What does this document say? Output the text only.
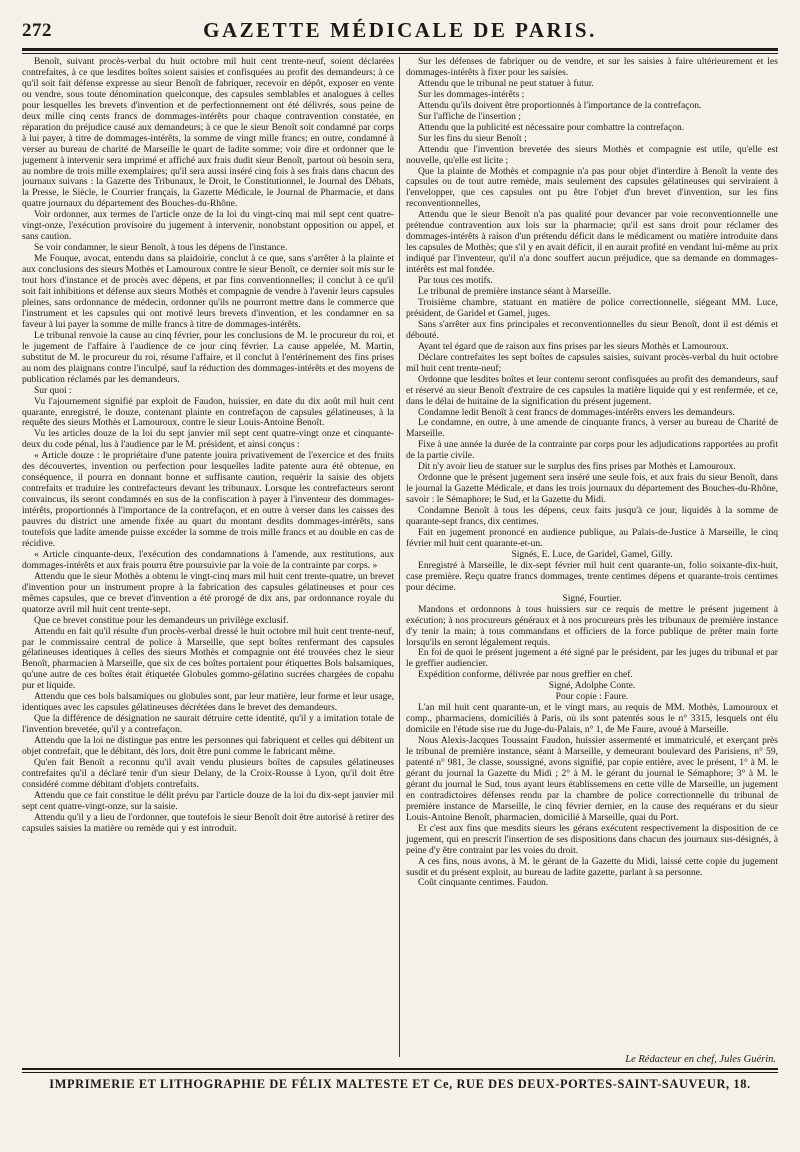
272	GAZETTE MÉDICALE DE PARIS.

Benoît, suivant procès-verbal du huit octobre mil huit cent trente-neuf, soient déclarées contrefaites, à ce que lesdites boîtes soient saisies et confisquées au profit des demandeurs; à ce qu'il soit fait défense expresse au sieur Benoît de fabriquer, recevoir en dépôt, exposer en vente ou vendre, sous toute dénomination quelconque, des capsules semblables et analogues à celles pour lesquelles les brevets d'invention et de perfectionnement ont été délivrés, sous peine de deux mille cinq cents francs de dommages-intérêts pour chaque contravention constatée, en réparation du préjudice causé aux demandeurs; à ce que le sieur Benoît soit condamné par corps à lui payer, à titre de dommages-intérêts, la somme de vingt mille francs; en outre, condamné à verser au bureau de charité de Marseille le quart de ladite somme; voir dire et ordonner que le jugement à intervenir sera imprimé et affiché aux frais dudit sieur Benoît, partout où besoin sera, au nombre de trois mille exemplaires; qu'il sera aussi inséré cinq fois à ses frais dans chacun des journaux suivans : la Gazette des Tribunaux, le Droit, le Constitutionnel, le Journal des Débats, la Presse, le Siècle, le Courrier français, la Gazette Médicale, le Journal de Pharmacie, et dans quatre journaux du département des Bouches-du-Rhône.

Voir ordonner, aux termes de l'article onze de la loi du vingt-cinq mai mil sept cent quatre-vingt-onze, l'exécution provisoire du jugement à intervenir, nonobstant opposition ou appel, et sans caution.

Se voir condamner, le sieur Benoît, à tous les dépens de l'instance.

Me Fouque, avocat, entendu dans sa plaidoirie, conclut à ce que, sans s'arrêter à la plainte et aux conclusions des sieurs Mothès et Lamouroux contre le sieur Benoît, ce dernier soit mis sur le tout hors d'instance et de procès avec dépens, et par fins conventionnelles; il conclut à ce qu'il soit fait inhibitions et défense aux sieurs Mothès et compagnie de vendre à l'avenir leurs capsules pleines, sans ordonnance de médecin, ordonner qu'ils ne pourront mettre dans le commerce que l'instrument et les capsules qui ont motivé leurs brevets d'invention, et les condamner en sa faveur à lui payer la somme de mille francs à titre de dommages-intérêts.

Le tribunal renvoie la cause au cinq février, pour les conclusions de M. le procureur du roi, et le jugement de l'affaire à l'audience de ce jour cinq février. La cause appelée, M. Martin, substitut de M. le procureur du roi, résume l'affaire, et il conclut à l'entérinement des fins prises au nom des plaignans contre l'inculpé, sauf la réduction des dommages-intérêts et des moyens de publication réclamés par les demandeurs.

Sur quoi :

Vu l'ajournement signifié par exploit de Faudon, huissier, en date du dix août mil huit cent quarante, enregistré, le douze, contenant plainte en contrefaçon de capsules gélatineuses, à la requête des sieurs Mothès et Lamouroux, contre le sieur Louis-Antoine Benoît.

Vu les articles douze de la loi du sept janvier mil sept cent quatre-vingt onze et cinquante-deux du code pénal, lus à l'audience par le M. président, et ainsi conçus :

« Article douze : le propriétaire d'une patente jouira privativement de l'exercice et des fruits des découvertes, invention ou perfection pour lesquelles ladite patente aura été obtenue, en conséquence, il pourra en donnant bonne et suffisante caution, requérir la saisie des objets contrefaits et traduire les contrefacteurs devant les tribunaux. Lorsque les contrefacteurs seront convaincus, ils seront condamnés en sus de la confiscation à payer à l'inventeur des dommages-intérêts, proportionnés à l'importance de la contrefaçon, et en outre à verser dans les caisses des pauvres du district une amende fixée au quart du montant desdits dommages-intérêts, sans toutefois que ladite amende puisse excéder la somme de trois mille francs et au double en cas de récidive.

« Article cinquante-deux, l'exécution des condamnations à l'amende, aux restitutions, aux dommages-intérêts et aux frais pourra être poursuivie par la voie de la contrainte par corps. »

Attendu que le sieur Mothès a obtenu le vingt-cinq mars mil huit cent trente-quatre, un brevet d'invention pour un instrument propre à la fabrication des capsules gélatineuses et pour ces mêmes capsules, que ce brevet d'invention a été prorogé de dix ans, par ordonnance royale du quatorze avril mil huit cent trente-sept.

Que ce brevet constitue pour les demandeurs un privilège exclusif.

Attendu en fait qu'il résulte d'un procès-verbal dressé le huit octobre mil huit cent trente-neuf, par le commissaire central de police à Marseille, que sept boîtes renfermant des capsules gélatineuses identiques à celles des sieurs Mothès et compagnie ont été trouvées chez le sieur Benoît, pharmacien à Marseille, que six de ces boîtes portaient pour étiquettes Bols balsamiques, qu'une autre de ces boîtes était étiquetée Globules gommo-gélatino sucrées chargées de copahu pur et liquide.

Attendu que ces bols balsamiques ou globules sont, par leur matière, leur forme et leur usage, identiques avec les capsules gélatineuses décrétées dans le brevet des demandeurs.

Que la différence de désignation ne saurait détruire cette identité, qu'il y a imitation totale de l'invention brevetée, qu'il y a contrefaçon.

Attendu que la loi ne distingue pas entre les personnes qui fabriquent et celles qui débitent un objet contrefait, que le débitant, dès lors, doit être puni comme le fabricant même.

Qu'en fait Benoît a reconnu qu'il avait vendu plusieurs boîtes de capsules gélatineuses contrefaites qu'il a déclaré tenir d'un sieur Delany, de la Croix-Rousse à Lyon, qu'il doit être considéré comme débitant d'objets contrefaits.

Attendu que ce fait constitue le délit prévu par l'article douze de la loi du dix-sept janvier mil sept cent quatre-vingt-onze, sur la saisie.

Attendu qu'il y a lieu de l'ordonner, que toutefois le sieur Benoît doit être autorisé à retirer des capsules saisies la matière ou remède qui y est introduit.

Sur les défenses de fabriquer ou de vendre, et sur les saisies à faire ultérieurement et les dommages-intérêts à fixer pour les saisies.

Attendu que le tribunal ne peut statuer à futur.

Sur les dommages-intérêts ;

Attendu qu'ils doivent être proportionnés à l'importance de la contrefaçon.

Sur l'affiche de l'insertion ;

Attendu que la publicité est nécessaire pour combattre la contrefaçon.

Sur les fins du sieur Benoît ;

Attendu que l'invention brevetée des sieurs Mothès et compagnie est utile, qu'elle est nouvelle, qu'elle est licite ;

Que la plainte de Mothès et compagnie n'a pas pour objet d'interdire à Benoît la vente des capsules ou de tout autre remède, mais seulement des capsules gélatineuses qui serviraient à l'envelopper, que ces capsules ont pu être l'objet d'un brevet d'invention, sur les fins reconventionnelles,

Attendu que le sieur Benoît n'a pas qualité pour devancer par voie reconventionnelle une prétendue contravention aux lois sur la pharmacie; qu'il est sans droit pour réclamer des dommages-intérêts à raison d'un prétendu déficit dans le médicament ou matière introduite dans les capsules de Mothès; que s'il y en avait déficit, il en aurait profité en vendant lui-même au prix indiqué par l'inventeur, qu'il n'a donc souffert aucun préjudice, que sa demande en dommages-intérêts est mal fondée.

Par tous ces motifs.

Le tribunal de première instance séant à Marseille.

Troisième chambre, statuant en matière de police correctionnelle, siégeant MM. Luce, président, de Garidel et Gamel, juges.

Sans s'arrêter aux fins principales et reconventionnelles du sieur Benoît, dont il est démis et débouté.

Ayant tel égard que de raison aux fins prises par les sieurs Mothès et Lamouroux.

Déclare contrefaites les sept boîtes de capsules saisies, suivant procès-verbal du huit octobre mil huit cent trente-neuf;

Ordonne que lesdites boîtes et leur contenu seront confisquées au profit des demandeurs, sauf et réservé au sieur Benoît d'extraire de ces capsules la matière liquide qui y est renfermée, et ce, dans le délai de huitaine de la signification du présent jugement.

Condamne ledit Benoît à cent francs de dommages-intérêts envers les demandeurs.

Le condamne, en outre, à une amende de cinquante francs, à verser au bureau de Charité de Marseille.

Fixe à une année la durée de la contrainte par corps pour les adjudications rapportées au profit de la partie civile.

Dit n'y avoir lieu de statuer sur le surplus des fins prises par Mothès et Lamouroux.

Ordonne que le présent jugement sera inséré une seule fois, et aux frais du sieur Benoît, dans le journal la Gazette Médicale, et dans les trois journaux du département des Bouches-du-Rhône, savoir : le Sémaphore; le Sud, et la Gazette du Midi.

Condamne Benoît à tous les dépens, ceux faits jusqu'à ce jour, liquidés à la somme de quarante-sept francs, dix centimes.

Fait en jugement prononcé en audience publique, au Palais-de-Justice à Marseille, le cinq février mil huit cent quarante-et-un.

Signés, E. Luce, de Garidel, Gamel, Gilly.

Enregistré à Marseille, le dix-sept février mil huit cent quarante-un, folio soixante-dix-huit, case première. Reçu quatre francs dommages, trente centimes dépens et quarante-trois centimes pour décime.

Signé, Fourtier.

Mandons et ordonnons à tous huissiers sur ce requis de mettre le présent jugement à exécution; à nos procureurs généraux et à nos procureurs près les tribunaux de première instance d'y tenir la main; à tous commandans et officiers de la force publique de prêter main forte lorsqu'ils en seront légalement requis.

En foi de quoi le présent jugement a été signé par le président, par les juges du tribunal et par le greffier audiencier.

Expédition conforme, délivrée par nous greffier en chef.

Signé, Adolphe Conte.

Pour copie : Faure.

L'an mil huit cent quarante-un, et le vingt mars, au requis de MM. Mothès, Lamouroux et comp., pharmaciens, domiciliés à Paris, où ils sont patentés sous le n° 3315, lesquels ont élu domicile en l'étude sise rue du Juge-du-Palais, n° 1, de Me Faure, avoué à Marseille.

Nous Alexis-Jacques Toussaint Faudon, huissier assermenté et immatriculé, et exerçant près le tribunal de première instance, séant à Marseille, y demeurant boulevard des Parisiens, n° 59, patenté n° 981, 3e classe, soussigné, avons signifié, par copie entière, avec le présent, 1° à M. le gérant du journal la Gazette du Midi ; 2° à M. le gérant du journal le Sémaphore; 3° à M. le gérant du journal le Sud, tous ayant leurs établissemens en cette ville de Marseille, un jugement en contradictoires défenses rendu par la chambre de police correctionnelle du tribunal de première instance de Marseille, le cinq février dernier, en la cause des requérans et du sieur Louis-Antoine Benoît, pharmacien, domicilié à Marseille, quai du Port.

Et c'est aux fins que mesdits sieurs les gérans exécutent respectivement la disposition de ce jugement, qui en prescrit l'insertion de ses dispositions dans chacun des journaux sus-désignés, à peine d'y être contraint par les voies du droit.

A ces fins, nous avons, à M. le gérant de la Gazette du Midi, laissé cette copie du jugement susdit et du présent exploit, au bureau de ladite gazette, parlant à sa personne.

Coût cinquante centimes. Faudon.

Le Rédacteur en chef, Jules Guérin.
IMPRIMERIE ET LITHOGRAPHIE DE FÉLIX MALTESTE ET Ce, RUE DES DEUX-PORTES-SAINT-SAUVEUR, 18.
